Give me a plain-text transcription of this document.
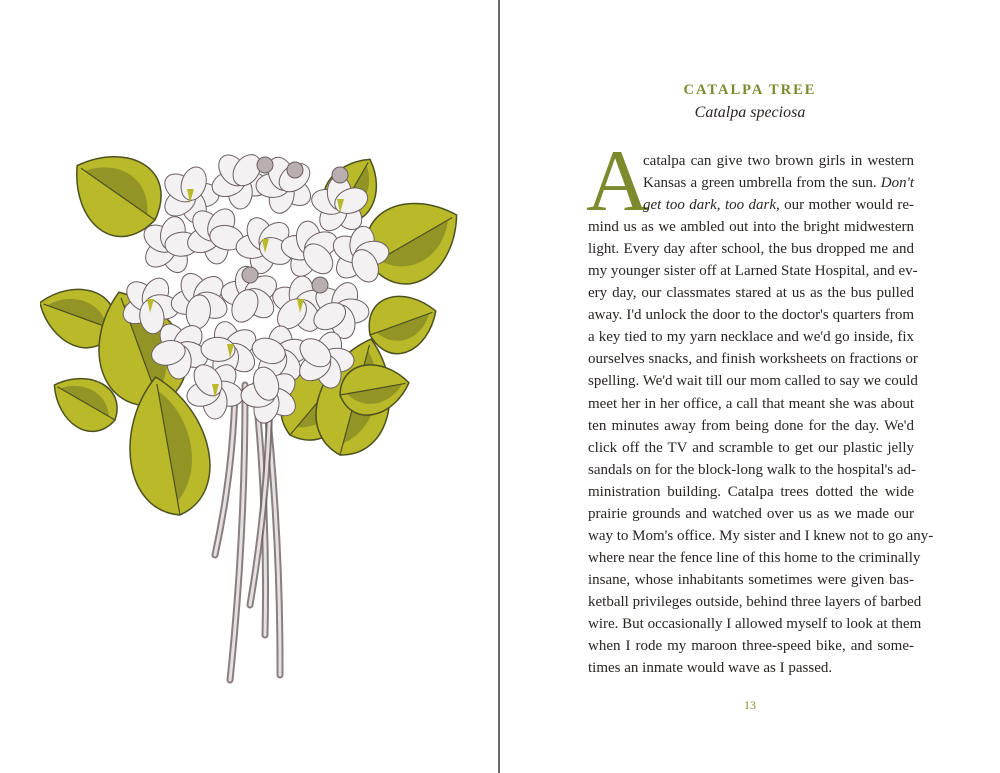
CATALPA TREE
Catalpa speciosa
A
catalpa can give two brown girls in western
Kansas a green umbrella from the sun. Don't
get too dark, too dark, our mother would re-
mind us as we ambled out into the bright midwestern
light. Every day after school, the bus dropped me and
my younger sister off at Larned State Hospital, and ev-
ery day, our classmates stared at us as the bus pulled
away. I'd unlock the door to the doctor's quarters from
a key tied to my yarn necklace and we'd go inside, fix
ourselves snacks, and finish worksheets on fractions or
spelling. We'd wait till our mom called to say we could
meet her in her office, a call that meant she was about
ten minutes away from being done for the day. We'd
click off the TV and scramble to get our plastic jelly
sandals on for the block-long walk to the hospital's ad-
ministration building. Catalpa trees dotted the wide
prairie grounds and watched over us as we made our
way to Mom's office. My sister and I knew not to go any-
where near the fence line of this home to the criminally
insane, whose inhabitants sometimes were given bas-
ketball privileges outside, behind three layers of barbed
wire. But occasionally I allowed myself to look at them
when I rode my maroon three-speed bike, and some-
times an inmate would wave as I passed.
13
